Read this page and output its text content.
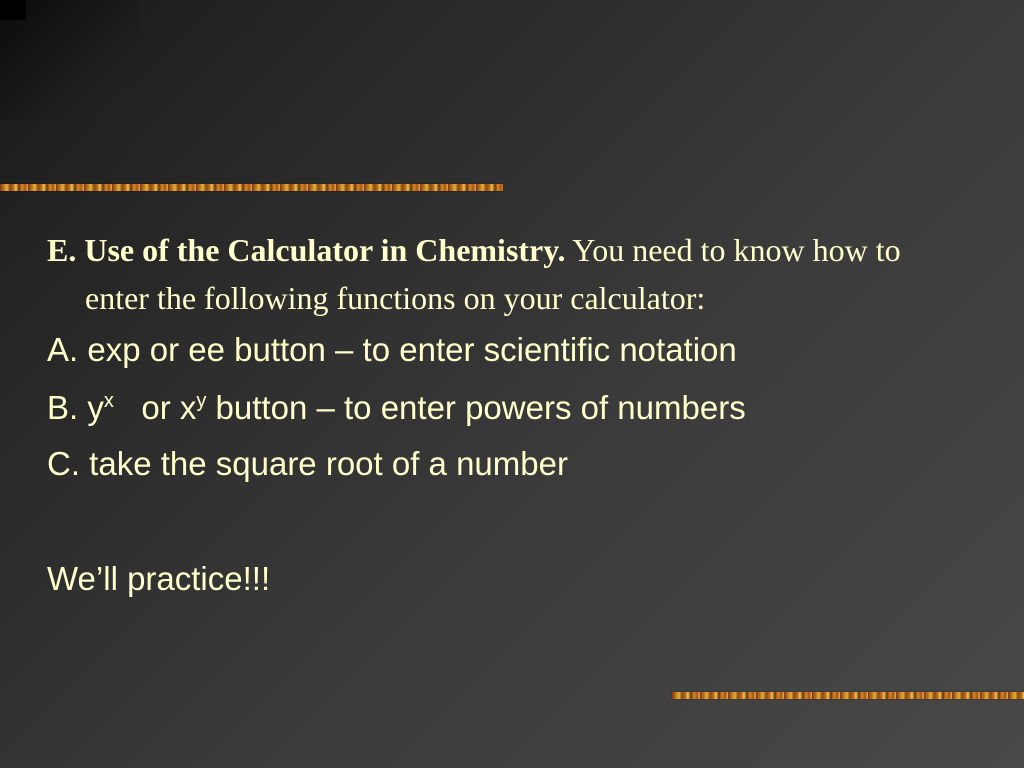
E. Use of the Calculator in Chemistry. You need to know how to enter the following functions on your calculator:

A. exp or ee button – to enter scientific notation

B. $y^x$ or $x^y$ button – to enter powers of numbers

C. take the square root of a number

We’ll practice!!!
